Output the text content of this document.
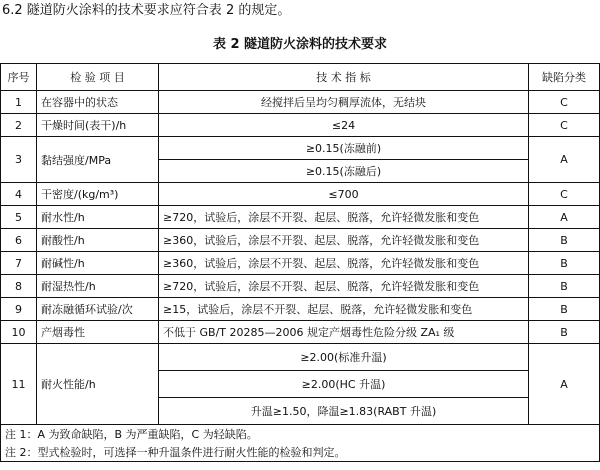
6.2 隧道防火涂料的技术要求应符合表 2 的规定。
表 2 隧道防火涂料的技术要求
序号	检 验 项 目	技 术 指 标	缺陷分类
1	在容器中的状态	经搅拌后呈均匀稠厚流体，无结块	C
2	干燥时间(表干)/h	≤24	C
3	黏结强度/MPa	≥0.15(冻融前)	A
		≥0.15(冻融后)	
4	干密度/(kg/m³)	≤700	C
5	耐水性/h	≥720，试验后，涂层不开裂、起层、脱落，允许轻微发胀和变色	A
6	耐酸性/h	≥360，试验后，涂层不开裂、起层、脱落，允许轻微发胀和变色	B
7	耐碱性/h	≥360，试验后，涂层不开裂、起层、脱落，允许轻微发胀和变色	B
8	耐湿热性/h	≥720，试验后，涂层不开裂、起层、脱落，允许轻微发胀和变色	B
9	耐冻融循环试验/次	≥15，试验后，涂层不开裂、起层、脱落，允许轻微发胀和变色	B
10	产烟毒性	不低于 GB/T 20285—2006 规定产烟毒性危险分级 ZA₁ 级	B
11	耐火性能/h	≥2.00(标准升温)	A
		≥2.00(HC 升温)	
		升温≥1.50，降温≥1.83(RABT 升温)	
注 1：A 为致命缺陷，B 为严重缺陷，C 为轻缺陷。			
注 2：型式检验时，可选择一种升温条件进行耐火性能的检验和判定。			
